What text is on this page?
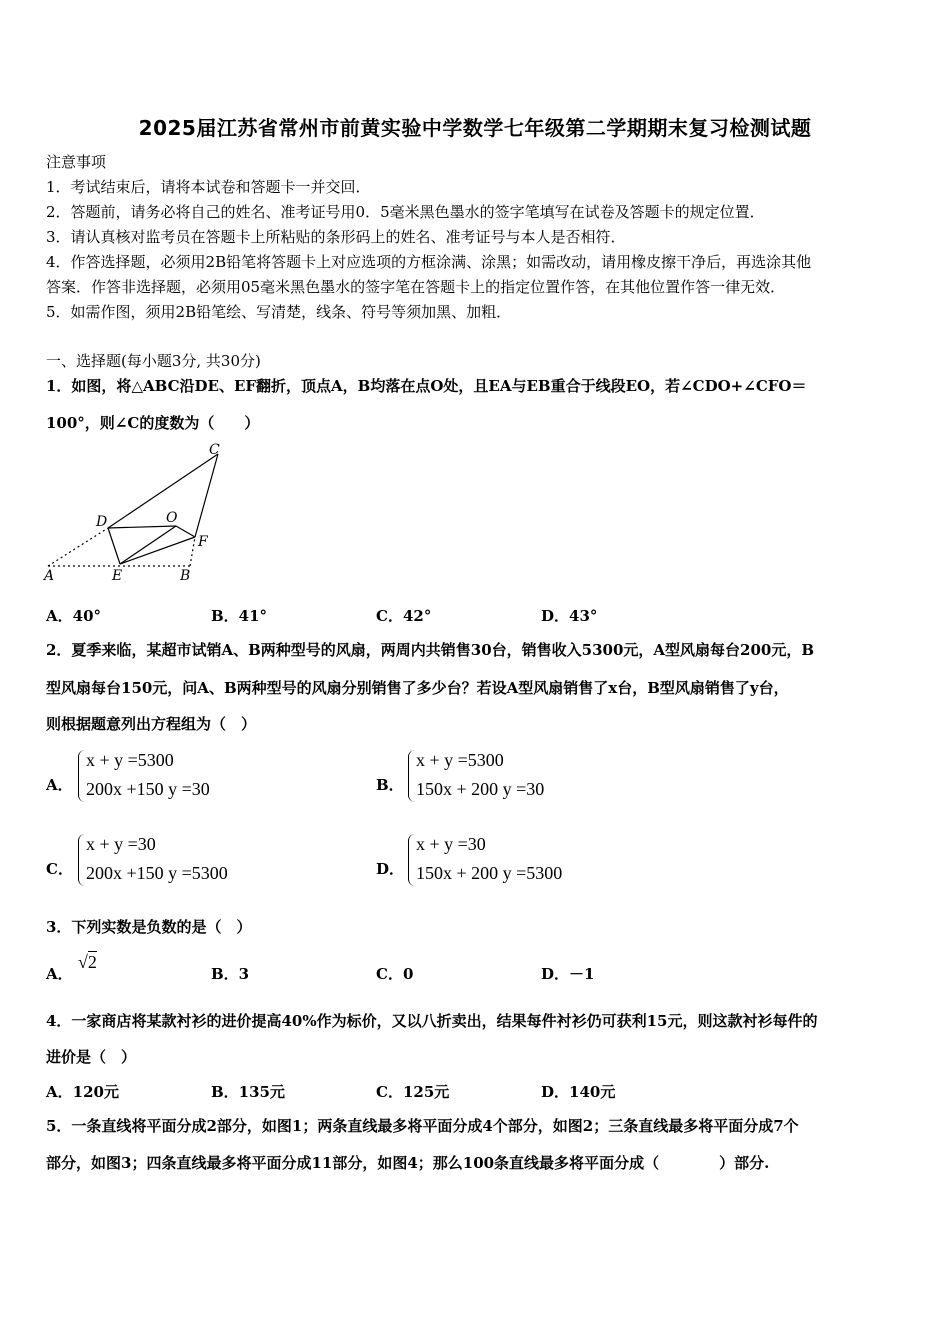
2025届江苏省常州市前黄实验中学数学七年级第二学期期末复习检测试题
注意事项
1．考试结束后，请将本试卷和答题卡一并交回．
2．答题前，请务必将自己的姓名、准考证号用0．5毫米黑色墨水的签字笔填写在试卷及答题卡的规定位置．
3．请认真核对监考员在答题卡上所粘贴的条形码上的姓名、准考证号与本人是否相符．
4．作答选择题，必须用2B铅笔将答题卡上对应选项的方框涂满、涂黑；如需改动，请用橡皮擦干净后，再选涂其他
答案．作答非选择题，必须用05毫米黑色墨水的签字笔在答题卡上的指定位置作答，在其他位置作答一律无效．
5．如需作图，须用2B铅笔绘、写清楚，线条、符号等须加黑、加粗．
一、选择题(每小题3分, 共30分)
1．如图，将△ABC沿DE、EF翻折，顶点A，B均落在点O处，且EA与EB重合于线段EO，若∠CDO+∠CFO＝
100°，则∠C的度数为（　　）
C
D	O
F
A	E	B
A．40°	B．41°	C．42°	D．43°
2．夏季来临，某超市试销A、B两种型号的风扇，两周内共销售30台，销售收入5300元，A型风扇每台200元，B
型风扇每台150元，问A、B两种型号的风扇分别销售了多少台？若设A型风扇销售了x台，B型风扇销售了y台，
则根据题意列出方程组为（　）
A．
x + y =5300
200x +150 y =30	B．
x + y =5300
150x + 200 y =30
C．
x + y =30
200x +150 y =5300	D．
x + y =30
150x + 200 y =5300
3．下列实数是负数的是（　）
A．
√2
B．3	C．0	D．－1
4．一家商店将某款衬衫的进价提高40%作为标价，又以八折卖出，结果每件衬衫仍可获利15元，则这款衬衫每件的
进价是（　）
A．120元	B．135元	C．125元	D．140元
5．一条直线将平面分成2部分，如图1；两条直线最多将平面分成4个部分，如图2；三条直线最多将平面分成7个
部分，如图3；四条直线最多将平面分成11部分，如图4；那么100条直线最多将平面分成（　　　　）部分.
